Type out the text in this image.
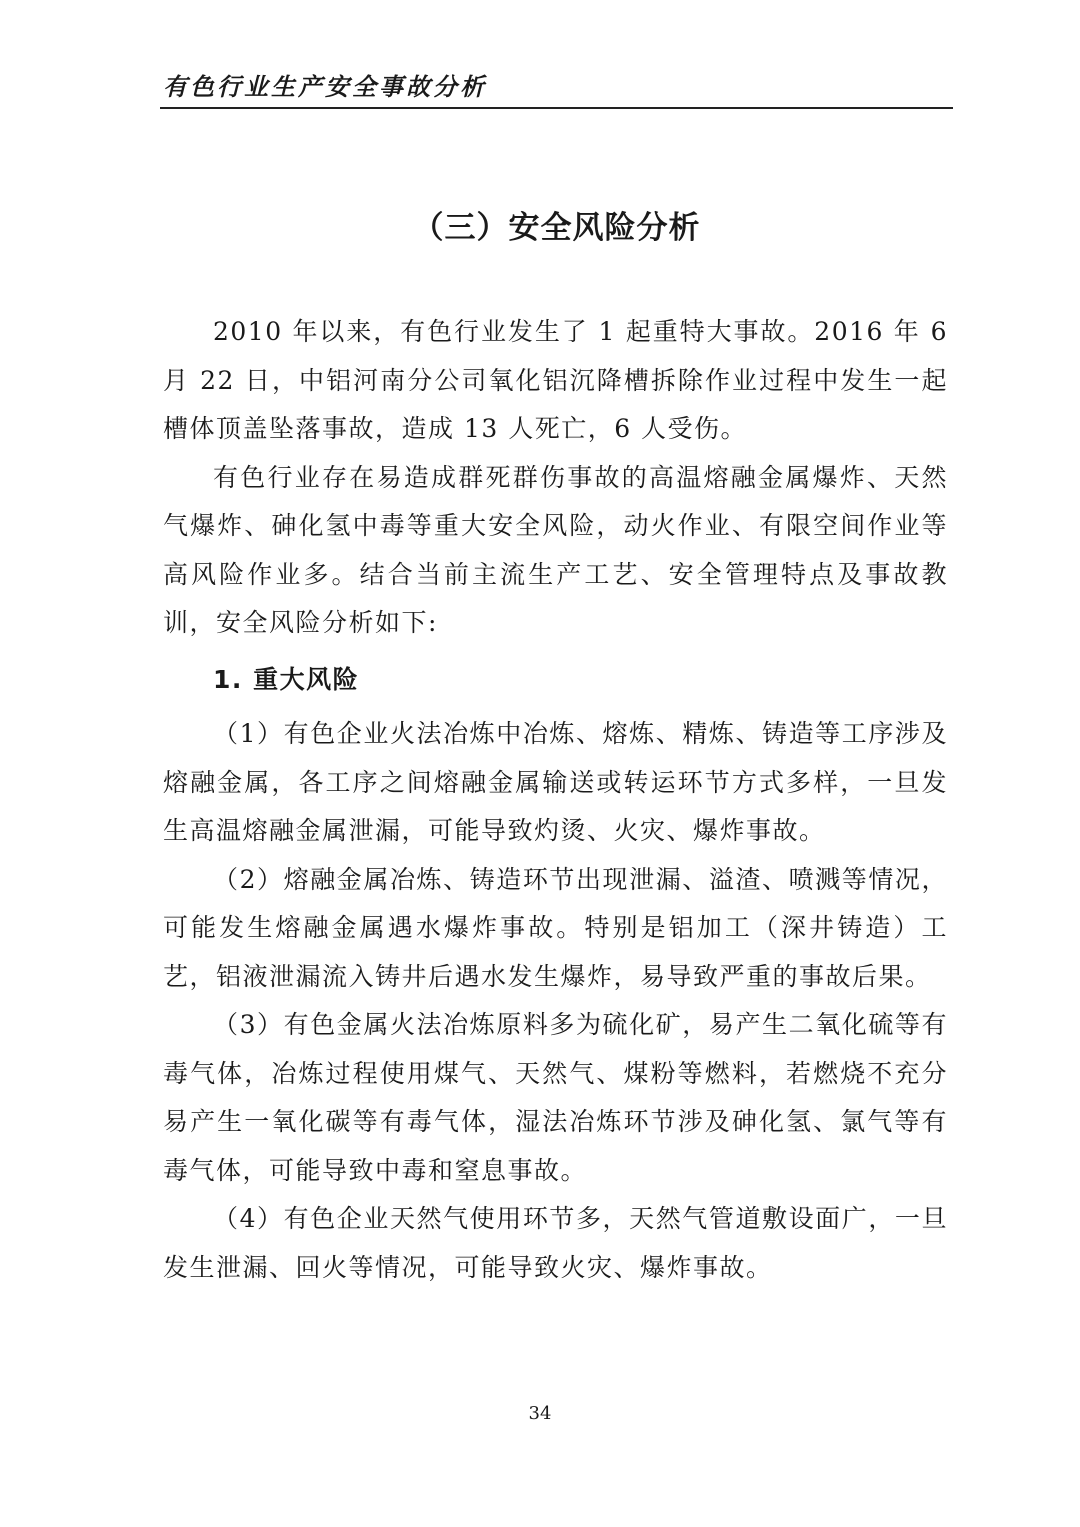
有色行业生产安全事故分析
（三）安全风险分析

2010 年以来，有色行业发生了 1 起重特大事故。2016 年 6 月 22 日，中铝河南分公司氧化铝沉降槽拆除作业过程中发生一起槽体顶盖坠落事故，造成 13 人死亡，6 人受伤。

有色行业存在易造成群死群伤事故的高温熔融金属爆炸、天然气爆炸、砷化氢中毒等重大安全风险，动火作业、有限空间作业等高风险作业多。结合当前主流生产工艺、安全管理特点及事故教训，安全风险分析如下:

1. 重大风险

（1）有色企业火法冶炼中冶炼、熔炼、精炼、铸造等工序涉及熔融金属，各工序之间熔融金属输送或转运环节方式多样，一旦发生高温熔融金属泄漏，可能导致灼烫、火灾、爆炸事故。

（2）熔融金属冶炼、铸造环节出现泄漏、溢渣、喷溅等情况，可能发生熔融金属遇水爆炸事故。特别是铝加工（深井铸造）工艺，铝液泄漏流入铸井后遇水发生爆炸，易导致严重的事故后果。

（3）有色金属火法冶炼原料多为硫化矿，易产生二氧化硫等有毒气体，冶炼过程使用煤气、天然气、煤粉等燃料，若燃烧不充分易产生一氧化碳等有毒气体，湿法冶炼环节涉及砷化氢、氯气等有毒气体，可能导致中毒和窒息事故。

（4）有色企业天然气使用环节多，天然气管道敷设面广，一旦发生泄漏、回火等情况，可能导致火灾、爆炸事故。

34
